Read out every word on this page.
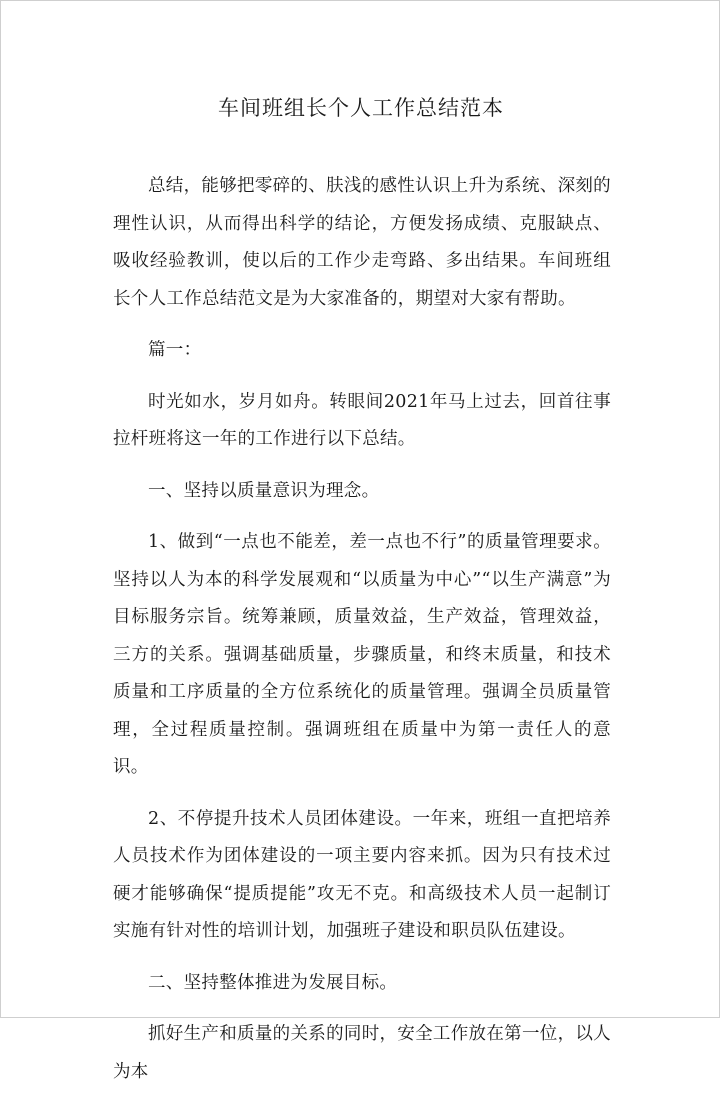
车间班组长个人工作总结范本

总结，能够把零碎的、肤浅的感性认识上升为系统、深刻的理性认识，从而得出科学的结论，方便发扬成绩、克服缺点、吸收经验教训，使以后的工作少走弯路、多出结果。车间班组长个人工作总结范文是为大家准备的，期望对大家有帮助。

篇一：

时光如水，岁月如舟。转眼间2021年马上过去，回首往事拉杆班将这一年的工作进行以下总结。

一、坚持以质量意识为理念。

1、做到“一点也不能差，差一点也不行”的质量管理要求。坚持以人为本的科学发展观和“以质量为中心”“以生产满意”为目标服务宗旨。统筹兼顾，质量效益，生产效益，管理效益，三方的关系。强调基础质量，步骤质量，和终末质量，和技术质量和工序质量的全方位系统化的质量管理。强调全员质量管理，全过程质量控制。强调班组在质量中为第一责任人的意识。

2、不停提升技术人员团体建设。一年来，班组一直把培养人员技术作为团体建设的一项主要内容来抓。因为只有技术过硬才能够确保“提质提能”攻无不克。和高级技术人员一起制订实施有针对性的培训计划，加强班子建设和职员队伍建设。

二、坚持整体推进为发展目标。

抓好生产和质量的关系的同时，安全工作放在第一位，以人为本
